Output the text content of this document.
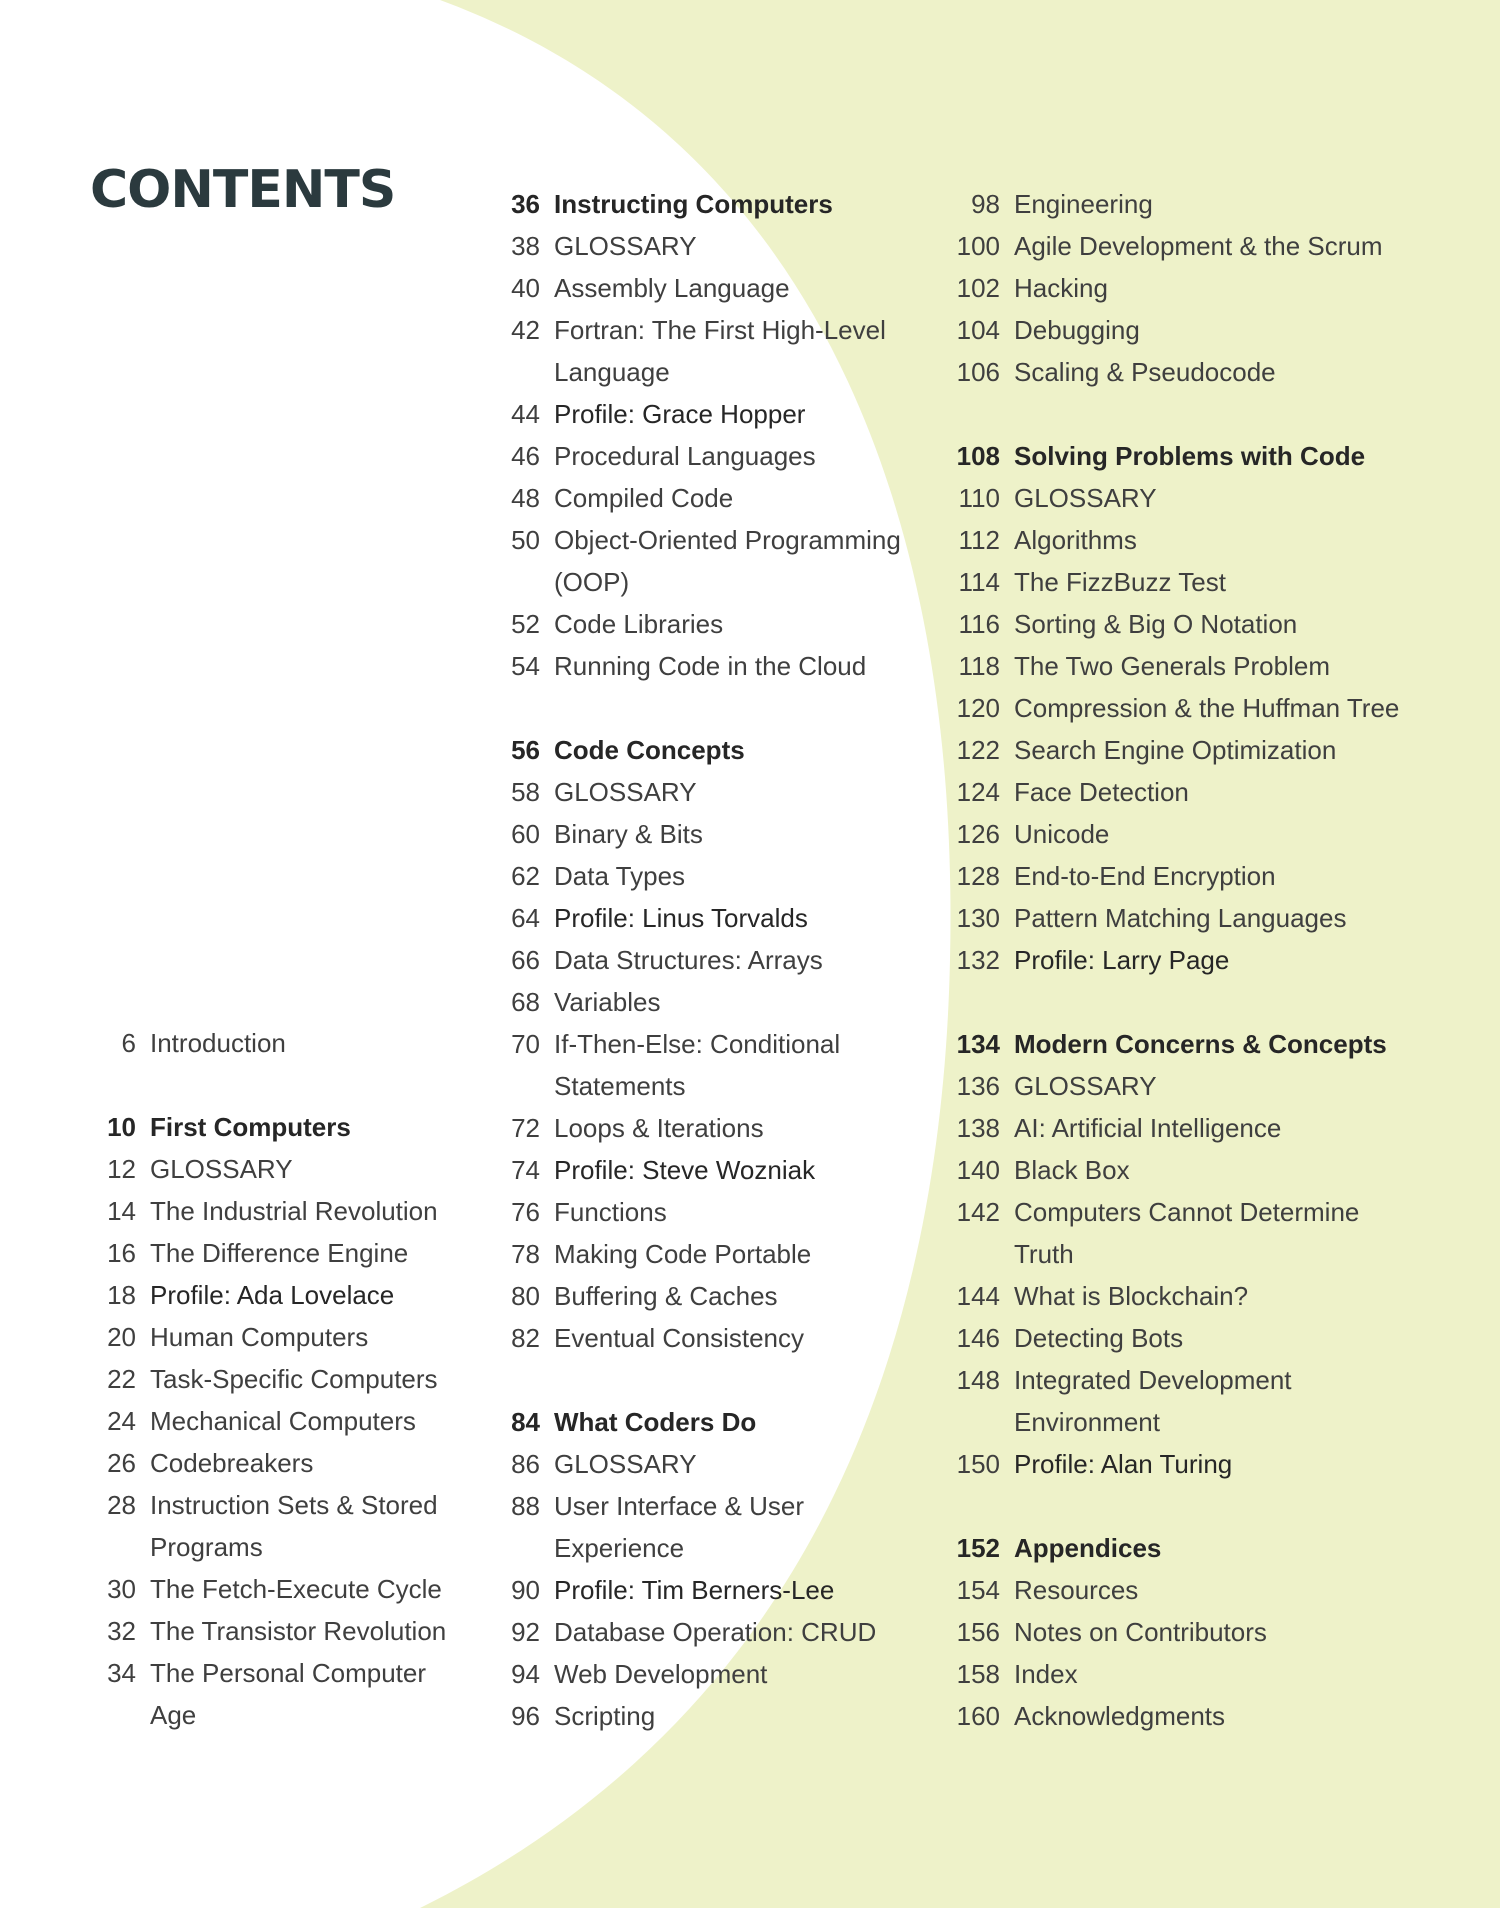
CONTENTS
6 Introduction
10 First Computers
12 GLOSSARY
14 The Industrial Revolution
16 The Difference Engine
18 Profile: Ada Lovelace
20 Human Computers
22 Task-Specific Computers
24 Mechanical Computers
26 Codebreakers
28 Instruction Sets & Stored Programs
30 The Fetch-Execute Cycle
32 The Transistor Revolution
34 The Personal Computer Age
36 Instructing Computers
38 GLOSSARY
40 Assembly Language
42 Fortran: The First High-Level Language
44 Profile: Grace Hopper
46 Procedural Languages
48 Compiled Code
50 Object-Oriented Programming (OOP)
52 Code Libraries
54 Running Code in the Cloud
56 Code Concepts
58 GLOSSARY
60 Binary & Bits
62 Data Types
64 Profile: Linus Torvalds
66 Data Structures: Arrays
68 Variables
70 If-Then-Else: Conditional Statements
72 Loops & Iterations
74 Profile: Steve Wozniak
76 Functions
78 Making Code Portable
80 Buffering & Caches
82 Eventual Consistency
84 What Coders Do
86 GLOSSARY
88 User Interface & User Experience
90 Profile: Tim Berners-Lee
92 Database Operation: CRUD
94 Web Development
96 Scripting
98 Engineering
100 Agile Development & the Scrum
102 Hacking
104 Debugging
106 Scaling & Pseudocode
108 Solving Problems with Code
110 GLOSSARY
112 Algorithms
114 The FizzBuzz Test
116 Sorting & Big O Notation
118 The Two Generals Problem
120 Compression & the Huffman Tree
122 Search Engine Optimization
124 Face Detection
126 Unicode
128 End-to-End Encryption
130 Pattern Matching Languages
132 Profile: Larry Page
134 Modern Concerns & Concepts
136 GLOSSARY
138 AI: Artificial Intelligence
140 Black Box
142 Computers Cannot Determine Truth
144 What is Blockchain?
146 Detecting Bots
148 Integrated Development Environment
150 Profile: Alan Turing
152 Appendices
154 Resources
156 Notes on Contributors
158 Index
160 Acknowledgments
